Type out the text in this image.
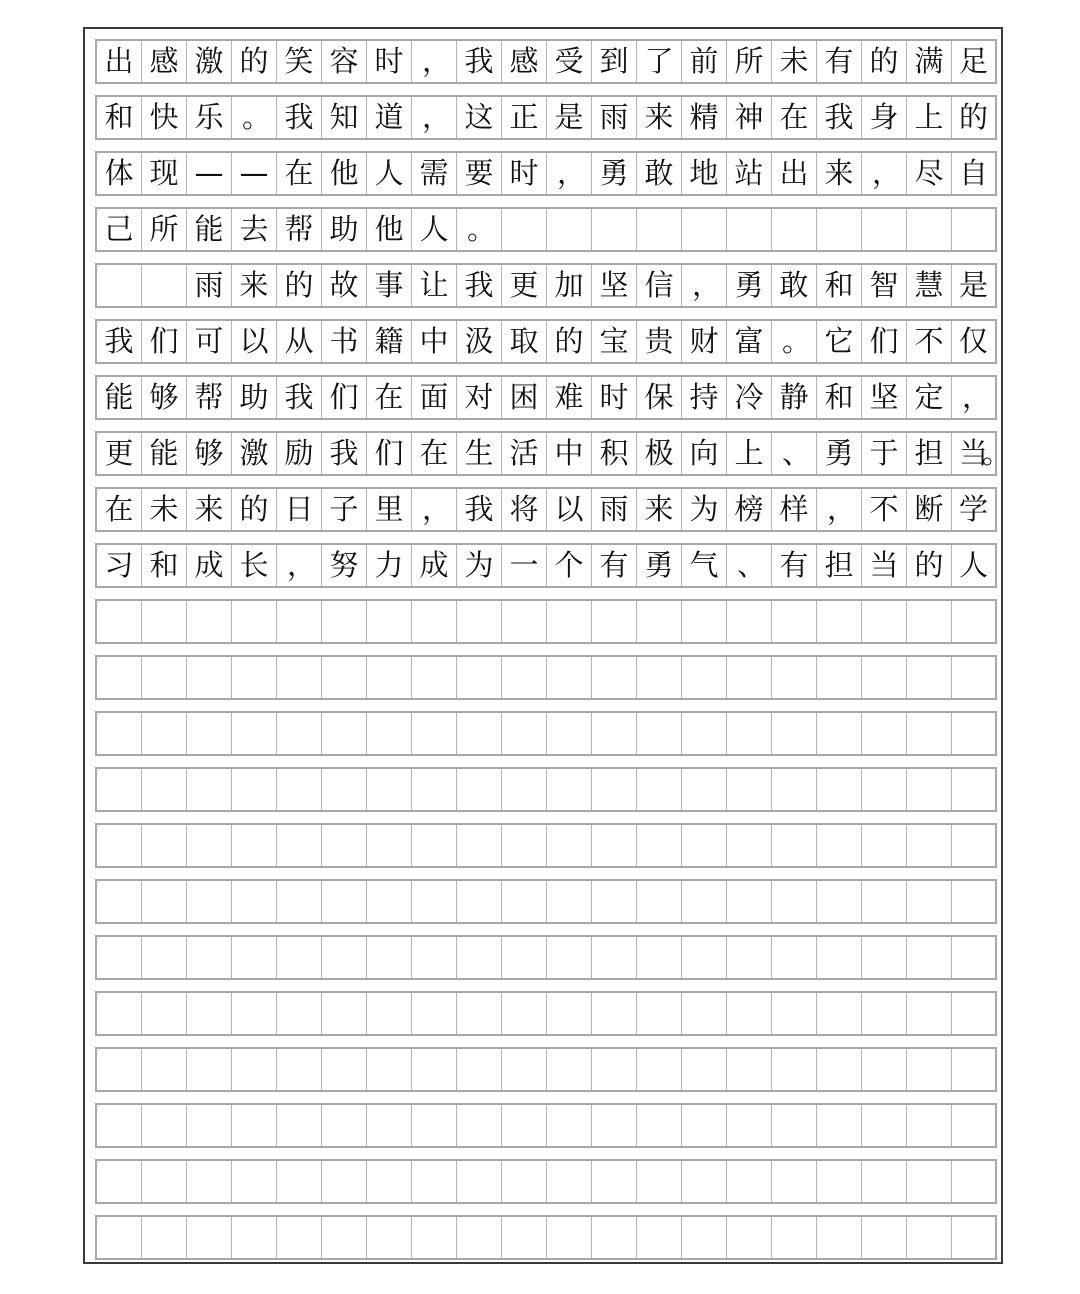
出 感 激 的 笑 容 时 ， 我 感 受 到 了 前 所 未 有 的 满 足
和 快 乐 。 我 知 道 ， 这 正 是 雨 来 精 神 在 我 身 上 的
体 现 — — 在 他 人 需 要 时 ， 勇 敢 地 站 出 来 ， 尽 自
己 所 能 去 帮 助 他 人 。
雨 来 的 故 事 让 我 更 加 坚 信 ， 勇 敢 和 智 慧 是
我 们 可 以 从 书 籍 中 汲 取 的 宝 贵 财 富 。 它 们 不 仅
能 够 帮 助 我 们 在 面 对 困 难 时 保 持 冷 静 和 坚 定 ，
更 能 够 激 励 我 们 在 生 活 中 积 极 向 上 、 勇 于 担 当
。
在 未 来 的 日 子 里 ， 我 将 以 雨 来 为 榜 样 ， 不 断 学
习 和 成 长 ， 努 力 成 为 一 个 有 勇 气 、 有 担 当 的 人
